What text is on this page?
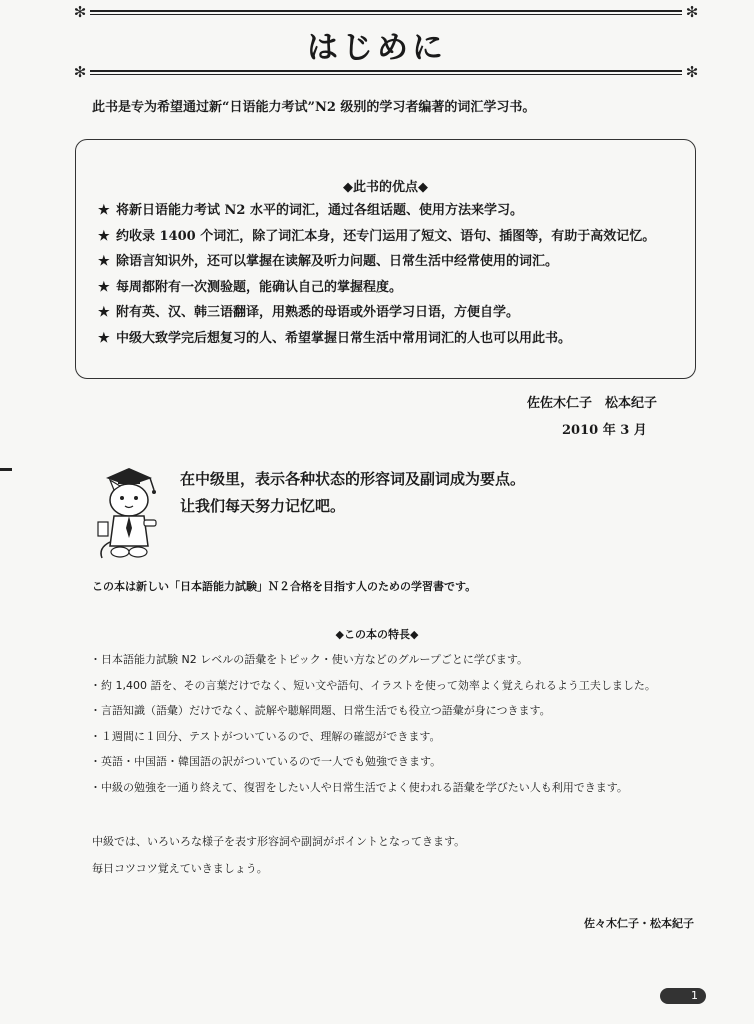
✻	✻
はじめに
✻	✻
此书是专为希望通过新“日语能力考试”N2 级别的学习者编著的词汇学习书。
◆此书的优点◆
★ 将新日语能力考试 N2 水平的词汇，通过各组话题、使用方法来学习。
★ 约收录 1400 个词汇，除了词汇本身，还专门运用了短文、语句、插图等，有助于高效记忆。
★ 除语言知识外，还可以掌握在读解及听力问题、日常生活中经常使用的词汇。
★ 每周都附有一次测验题，能确认自己的掌握程度。
★ 附有英、汉、韩三语翻译，用熟悉的母语或外语学习日语，方便自学。
★ 中级大致学完后想复习的人、希望掌握日常生活中常用词汇的人也可以用此书。
佐佐木仁子　松本纪子
2010 年 3 月
在中级里，表示各种状态的形容词及副词成为要点。
让我们每天努力记忆吧。
この本は新しい「日本語能力試験」Ｎ２合格を目指す人のための学習書です。
◆この本の特長◆
・日本語能力試験 N2 レベルの語彙をトピック・使い方などのグループごとに学びます。
・約 1,400 語を、その言葉だけでなく、短い文や語句、イラストを使って効率よく覚えられるよう工夫しました。
・言語知識（語彙）だけでなく、読解や聴解問題、日常生活でも役立つ語彙が身につきます。
・１週間に１回分、テストがついているので、理解の確認ができます。
・英語・中国語・韓国語の訳がついているので一人でも勉強できます。
・中級の勉強を一通り終えて、復習をしたい人や日常生活でよく使われる語彙を学びたい人も利用できます。
中級では、いろいろな様子を表す形容詞や副詞がポイントとなってきます。
毎日コツコツ覚えていきましょう。
佐々木仁子・松本紀子
1
